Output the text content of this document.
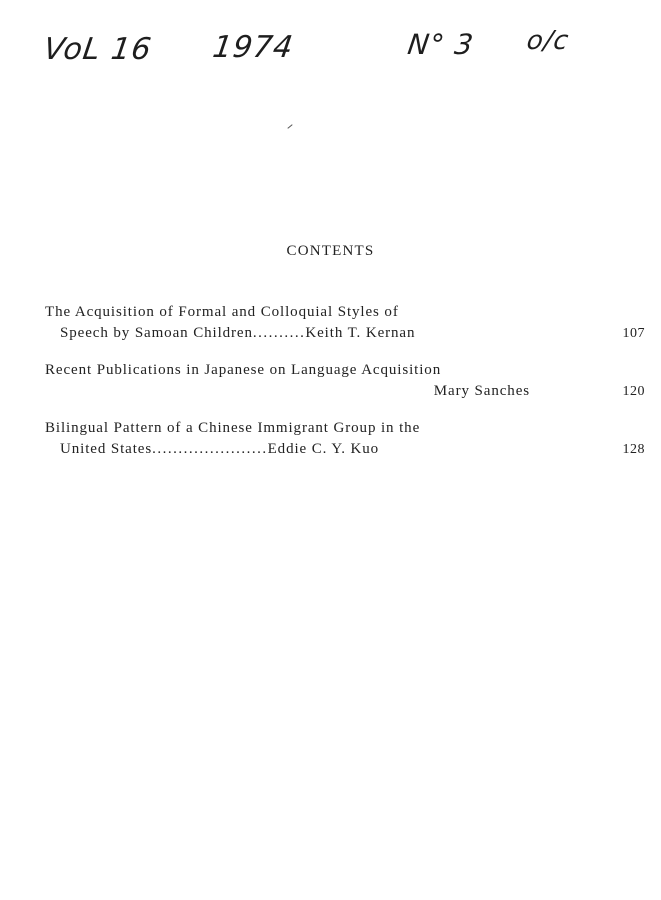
VoL 16 1974	N° 3 o/c
CONTENTS
The Acquisition of Formal and Colloquial Styles of
Speech by Samoan Children..........Keith T. Kernan	107
Recent Publications in Japanese on Language Acquisition
Mary Sanches	120
Bilingual Pattern of a Chinese Immigrant Group in the
United States......................Eddie C. Y. Kuo	128
